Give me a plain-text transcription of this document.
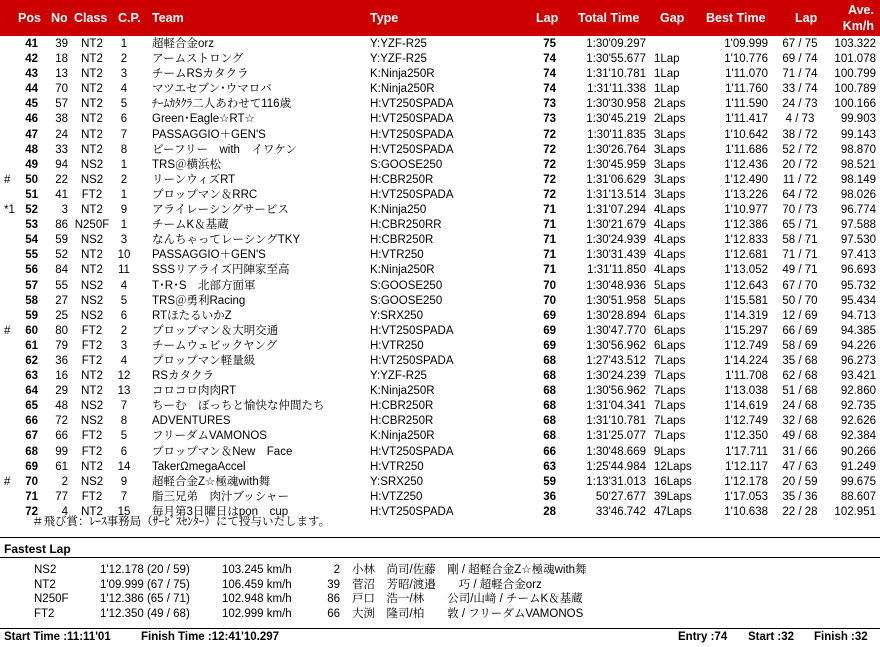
Pos No Class C.P. Team	Type	Lap Total Time Gap Best Time Lap
Ave.
Km/h
41	39	NT2	1	超軽合金orz	Y:YZF-R25	75	1:30'09.297	1'09.999	67 / 75	103.322
42	18	NT2	2	アームストロング	Y:YZF-R25	74	1:30'55.677 1Lap	1'10.776	69 / 74	101.078
43	13	NT2	3	チームRSカタクラ	K:Ninja250R	74	1:31'10.781 1Lap	1'11.070	71 / 74	100.799
44	70	NT2	4	マツエセブン･ウマロバ	K:Ninja250R	74	1:31'11.338 1Lap	1'11.760	33 / 74	100.789
45	57	NT2	5	ﾁｰﾑｶﾀｸﾗ二人あわせて116歳	H:VT250SPADA	73	1:30'30.958 2Laps	1'11.590	24 / 73	100.166
46	38	NT2	6	Green･Eagle☆RT☆	H:VT250SPADA	73	1:30'45.219 2Laps	1'11.417	4 / 73	99.903
47	24	NT2	7	PASSAGGIO＋GEN'S	H:VT250SPADA	72	1:30'11.835 3Laps	1'10.642	38 / 72	99.143
48	33	NT2	8	ビーフリー　with　イワケン	H:VT250SPADA	72	1:30'26.764 3Laps	1'11.686	52 / 72	98.870
49	94	NS2	1	TRS＠横浜松	S:GOOSE250	72	1:30'45.959 3Laps	1'12.436	20 / 72	98.521
#	50	22	NS2	2	リーンウィズRT	H:CBR250R	72	1:31'06.629 3Laps	1'12.490	11 / 72	98.149
51	41	FT2	1	プロップマン＆RRC	H:VT250SPADA	72	1:31'13.514 3Laps	1'13.226	64 / 72	98.026
*1 52	3	NT2	9	アライレーシングサービス	K:Ninja250	71	1:31'07.294 4Laps	1'10.977	70 / 73	96.774
53	86 N250F	1	チームK＆基蔵	H:CBR250RR	71	1:30'21.679 4Laps	1'12.386	65 / 71	97.588
54	59	NS2	3	なんちゃってレーシングTKY	H:CBR250R	71	1:30'24.939 4Laps	1'12.833	58 / 71	97.530
55	52	NT2	10	PASSAGGIO＋GEN'S	H:VTR250	71	1:30'31.439 4Laps	1'12.681	71 / 71	97.413
56	84	NT2	11	SSSリアライズ円陣家至高	K:Ninja250R	71	1:31'11.850 4Laps	1'13.052	49 / 71	96.693
57	55	NS2	4	T･R･S　北部方面軍	S:GOOSE250	70	1:30'48.936 5Laps	1'12.643	67 / 70	95.732
58	27	NS2	5	TRS＠勇利Racing	S:GOOSE250	70	1:30'51.958 5Laps	1'15.581	50 / 70	95.434
59	25	NS2	6	RTほたるいかZ	Y:SRX250	69	1:30'28.894 6Laps	1'14.319	12 / 69	94.713
#	60	80	FT2	2	プロップマン＆大明交通	H:VT250SPADA	69	1:30'47.770 6Laps	1'15.297	66 / 69	94.385
61	79	FT2	3	チームウェビックヤング	H:VTR250	69	1:30'56.962 6Laps	1'12.749	58 / 69	94.226
62	36	FT2	4	プロップマン軽量級	H:VT250SPADA	68	1:27'43.512 7Laps	1'14.224	35 / 68	96.273
63	16	NT2	12	RSカタクラ	Y:YZF-R25	68	1:30'24.239 7Laps	1'11.708	62 / 68	93.421
64	29	NT2	13	コロコロ肉肉RT	K:Ninja250R	68	1:30'56.962 7Laps	1'13.038	51 / 68	92.860
65	48	NS2	7	ちーむ　ぼっちと愉快な仲間たち	H:CBR250R	68	1:31'04.341 7Laps	1'14.619	24 / 68	92.735
66	72	NS2	8	ADVENTURES	H:CBR250R	68	1:31'10.781 7Laps	1'12.749	32 / 68	92.626
67	66	FT2	5	フリーダムVAMONOS	K:Ninja250R	68	1:31'25.077 7Laps	1'12.350	49 / 68	92.384
68	99	FT2	6	プロップマン＆New　Face	H:VT250SPADA	66	1:30'48.669 9Laps	1'17.711	31 / 66	90.266
69	61	NT2	14	TakerΩmegaAccel	H:VTR250	63	1:25'44.984 12Laps	1'12.117	47 / 63	91.249
#	70	2	NS2	9	超軽合金Z☆極魂with舞	Y:SRX250	59	1:13'31.013 16Laps	1'12.178	20 / 59	99.675
71	77	FT2	7	脂三兄弟　肉汁ブッシャー	H:VTZ250	36	50'27.677 39Laps	1'17.053	35 / 36	88.607
72	4	NT2	15	毎月第3日曜日はpon　cup	H:VT250SPADA	28	33'46.742 47Laps	1'10.638	22 / 28	102.951
＃飛び賞：ﾚｰｽ事務局（ｻｰﾋﾞｽｾﾝﾀｰ）にて授与いたします。
Fastest Lap
NS2	1'12.178 (20 / 59)	103.245 km/h	2 小林　尚司/佐藤　剛 / 超軽合金Z☆極魂with舞
NT2	1'09.999 (67 / 75)	106.459 km/h	39 菅沼　芳昭/渡邉　　巧 / 超軽合金orz
N250F	1'12.386 (65 / 71)	102.948 km/h	86 戸口　浩一/林　　公司/山﨑 / チームK＆基蔵
FT2	1'12.350 (49 / 68)	102.999 km/h	66 大渕　隆司/柏　　敦 / フリーダムVAMONOS
Start Time :11:11'01	Finish Time :12:41'10.297	Entry :74 Start :32 Finish :32
